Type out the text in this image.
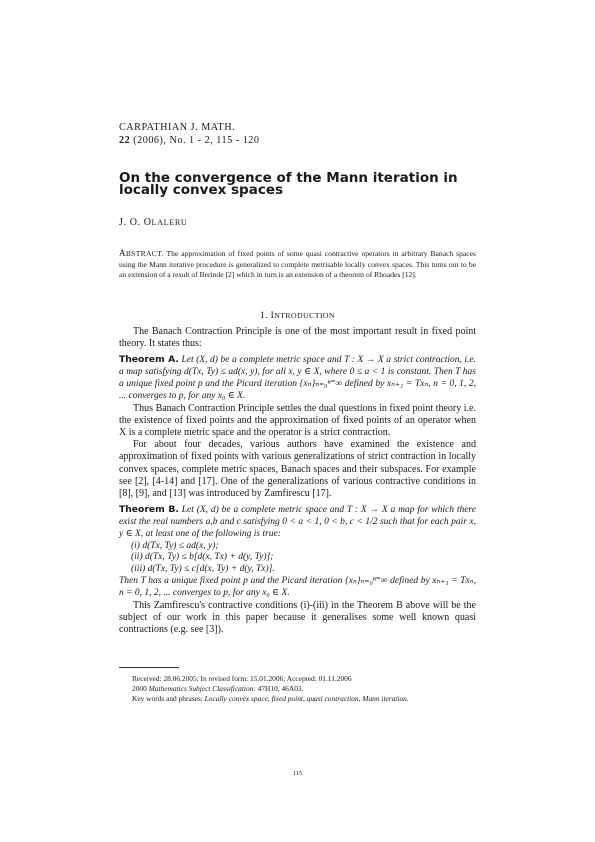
CARPATHIAN J. MATH.
22 (2006), No. 1 - 2, 115 - 120
On the convergence of the Mann iteration in locally convex spaces
J. O. OLALERU
ABSTRACT. The approximation of fixed points of some quasi contractive operators in arbitrary Banach spaces using the Mann iterative procedure is generalized to complete metrisable locally convex spaces. This turns out to be an extension of a result of Berinde [2] which in turn is an extension of a theorem of Rhoades [12].
1. INTRODUCTION

The Banach Contraction Principle is one of the most important result in fixed point theory. It states thus:

Theorem A. Let (X, d) be a complete metric space and T : X → X a strict contraction, i.e. a map satisfying d(Tx, Ty) ≤ ad(x, y), for all x, y ∈ X, where 0 ≤ a < 1 is constant. Then T has a unique fixed point p and the Picard iteration {xₙ}ₙ₌₀ⁿ⁼∞ defined by xₙ₊₁ = Txₙ, n = 0, 1, 2, ... converges to p, for any x₀ ∈ X.

Thus Banach Contraction Principle settles the dual questions in fixed point theory i.e. the existence of fixed points and the approximation of fixed points of an operator when X is a complete metric space and the operator is a strict contraction.

For about four decades, various authors have examined the existence and approximation of fixed points with various generalizations of strict contraction in locally convex spaces, complete metric spaces, Banach spaces and their subspaces. For example see [2], [4-14] and [17]. One of the generalizations of various contractive conditions in [8], [9], and [13] was introduced by Zamfirescu [17].

Theorem B. Let (X, d) be a complete metric space and T : X → X a map for which there exist the real numbers a,b and c satisfying 0 < a < 1, 0 < b, c < 1/2 such that for each pair x, y ∈ X, at least one of the following is true:

(i) d(Tx, Ty) ≤ ad(x, y);
(ii) d(Tx, Ty) ≤ b[d(x, Tx) + d(y, Ty)];
(iii) d(Tx, Ty) ≤ c[d(x, Ty) + d(y, Tx)].

Then T has a unique fixed point p and the Picard iteration {xₙ}ₙ₌₀ⁿ⁼∞ defined by xₙ₊₁ = Txₙ, n = 0, 1, 2, ... converges to p, for any x₀ ∈ X.

This Zamfirescu's contractive conditions (i)-(iii) in the Theorem B above will be the subject of our work in this paper because it generalises some well known quasi contractions (e.g. see [3]).

Received: 28.06.2005; In revised form: 15.01.2006; Accepted: 01.11.2006
2000 Mathematics Subject Classification: 47H10, 46A03.
Key words and phrases: Locally convex space, fixed point, quasi contraction, Mann iteration.
115
